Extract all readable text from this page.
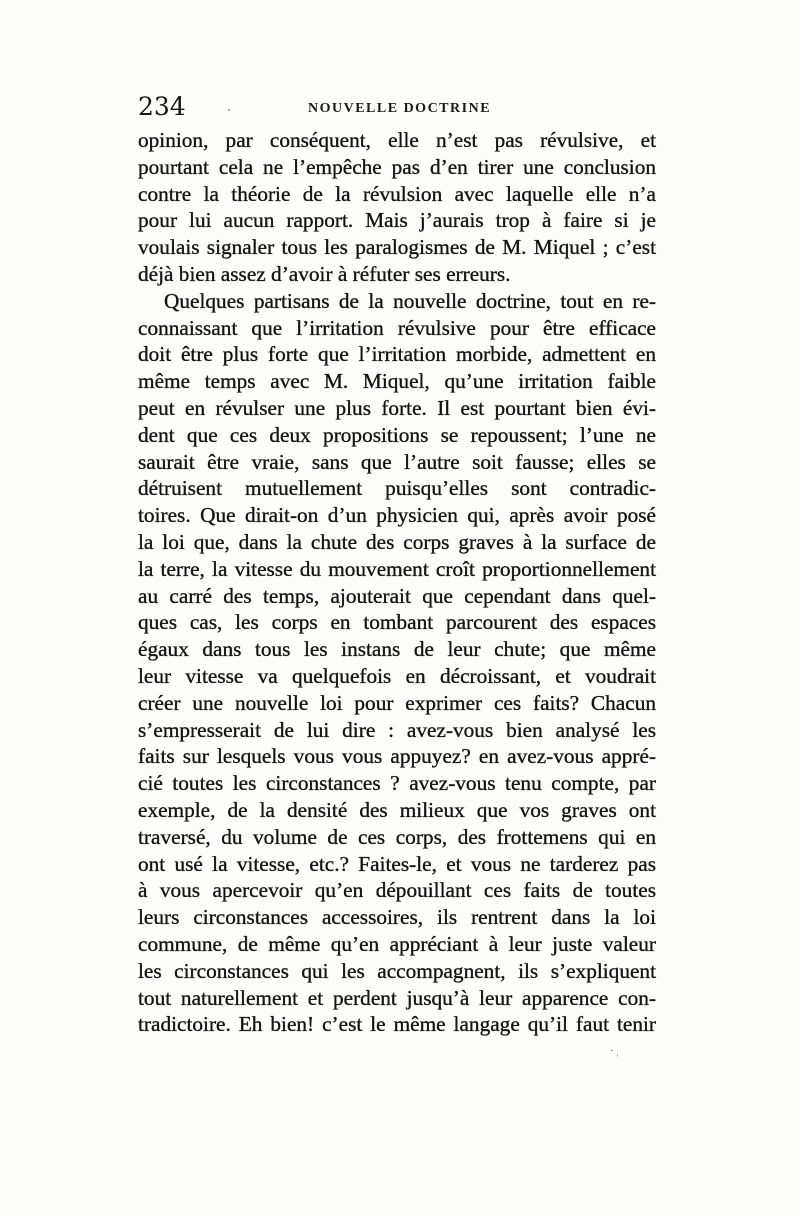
234	NOUVELLE DOCTRINE
opinion, par conséquent, elle n’est pas révulsive, et
pourtant cela ne l’empêche pas d’en tirer une conclusion
contre la théorie de la révulsion avec laquelle elle n’a
pour lui aucun rapport. Mais j’aurais trop à faire si je
voulais signaler tous les paralogismes de M. Miquel ; c’est
déjà bien assez d’avoir à réfuter ses erreurs.
Quelques partisans de la nouvelle doctrine, tout en re-
connaissant que l’irritation révulsive pour être efficace
doit être plus forte que l’irritation morbide, admettent en
même temps avec M. Miquel, qu’une irritation faible
peut en révulser une plus forte. Il est pourtant bien évi-
dent que ces deux propositions se repoussent; l’une ne
saurait être vraie, sans que l’autre soit fausse; elles se
détruisent mutuellement puisqu’elles sont contradic-
toires. Que dirait-on d’un physicien qui, après avoir posé
la loi que, dans la chute des corps graves à la surface de
la terre, la vitesse du mouvement croît proportionnellement
au carré des temps, ajouterait que cependant dans quel-
ques cas, les corps en tombant parcourent des espaces
égaux dans tous les instans de leur chute; que même
leur vitesse va quelquefois en décroissant, et voudrait
créer une nouvelle loi pour exprimer ces faits? Chacun
s’empresserait de lui dire : avez-vous bien analysé les
faits sur lesquels vous vous appuyez? en avez-vous appré-
cié toutes les circonstances ? avez-vous tenu compte, par
exemple, de la densité des milieux que vos graves ont
traversé, du volume de ces corps, des frottemens qui en
ont usé la vitesse, etc.? Faites-le, et vous ne tarderez pas
à vous apercevoir qu’en dépouillant ces faits de toutes
leurs circonstances accessoires, ils rentrent dans la loi
commune, de même qu’en appréciant à leur juste valeur
les circonstances qui les accompagnent, ils s’expliquent
tout naturellement et perdent jusqu’à leur apparence con-
tradictoire. Eh bien! c’est le même langage qu’il faut tenir
· ˌ
